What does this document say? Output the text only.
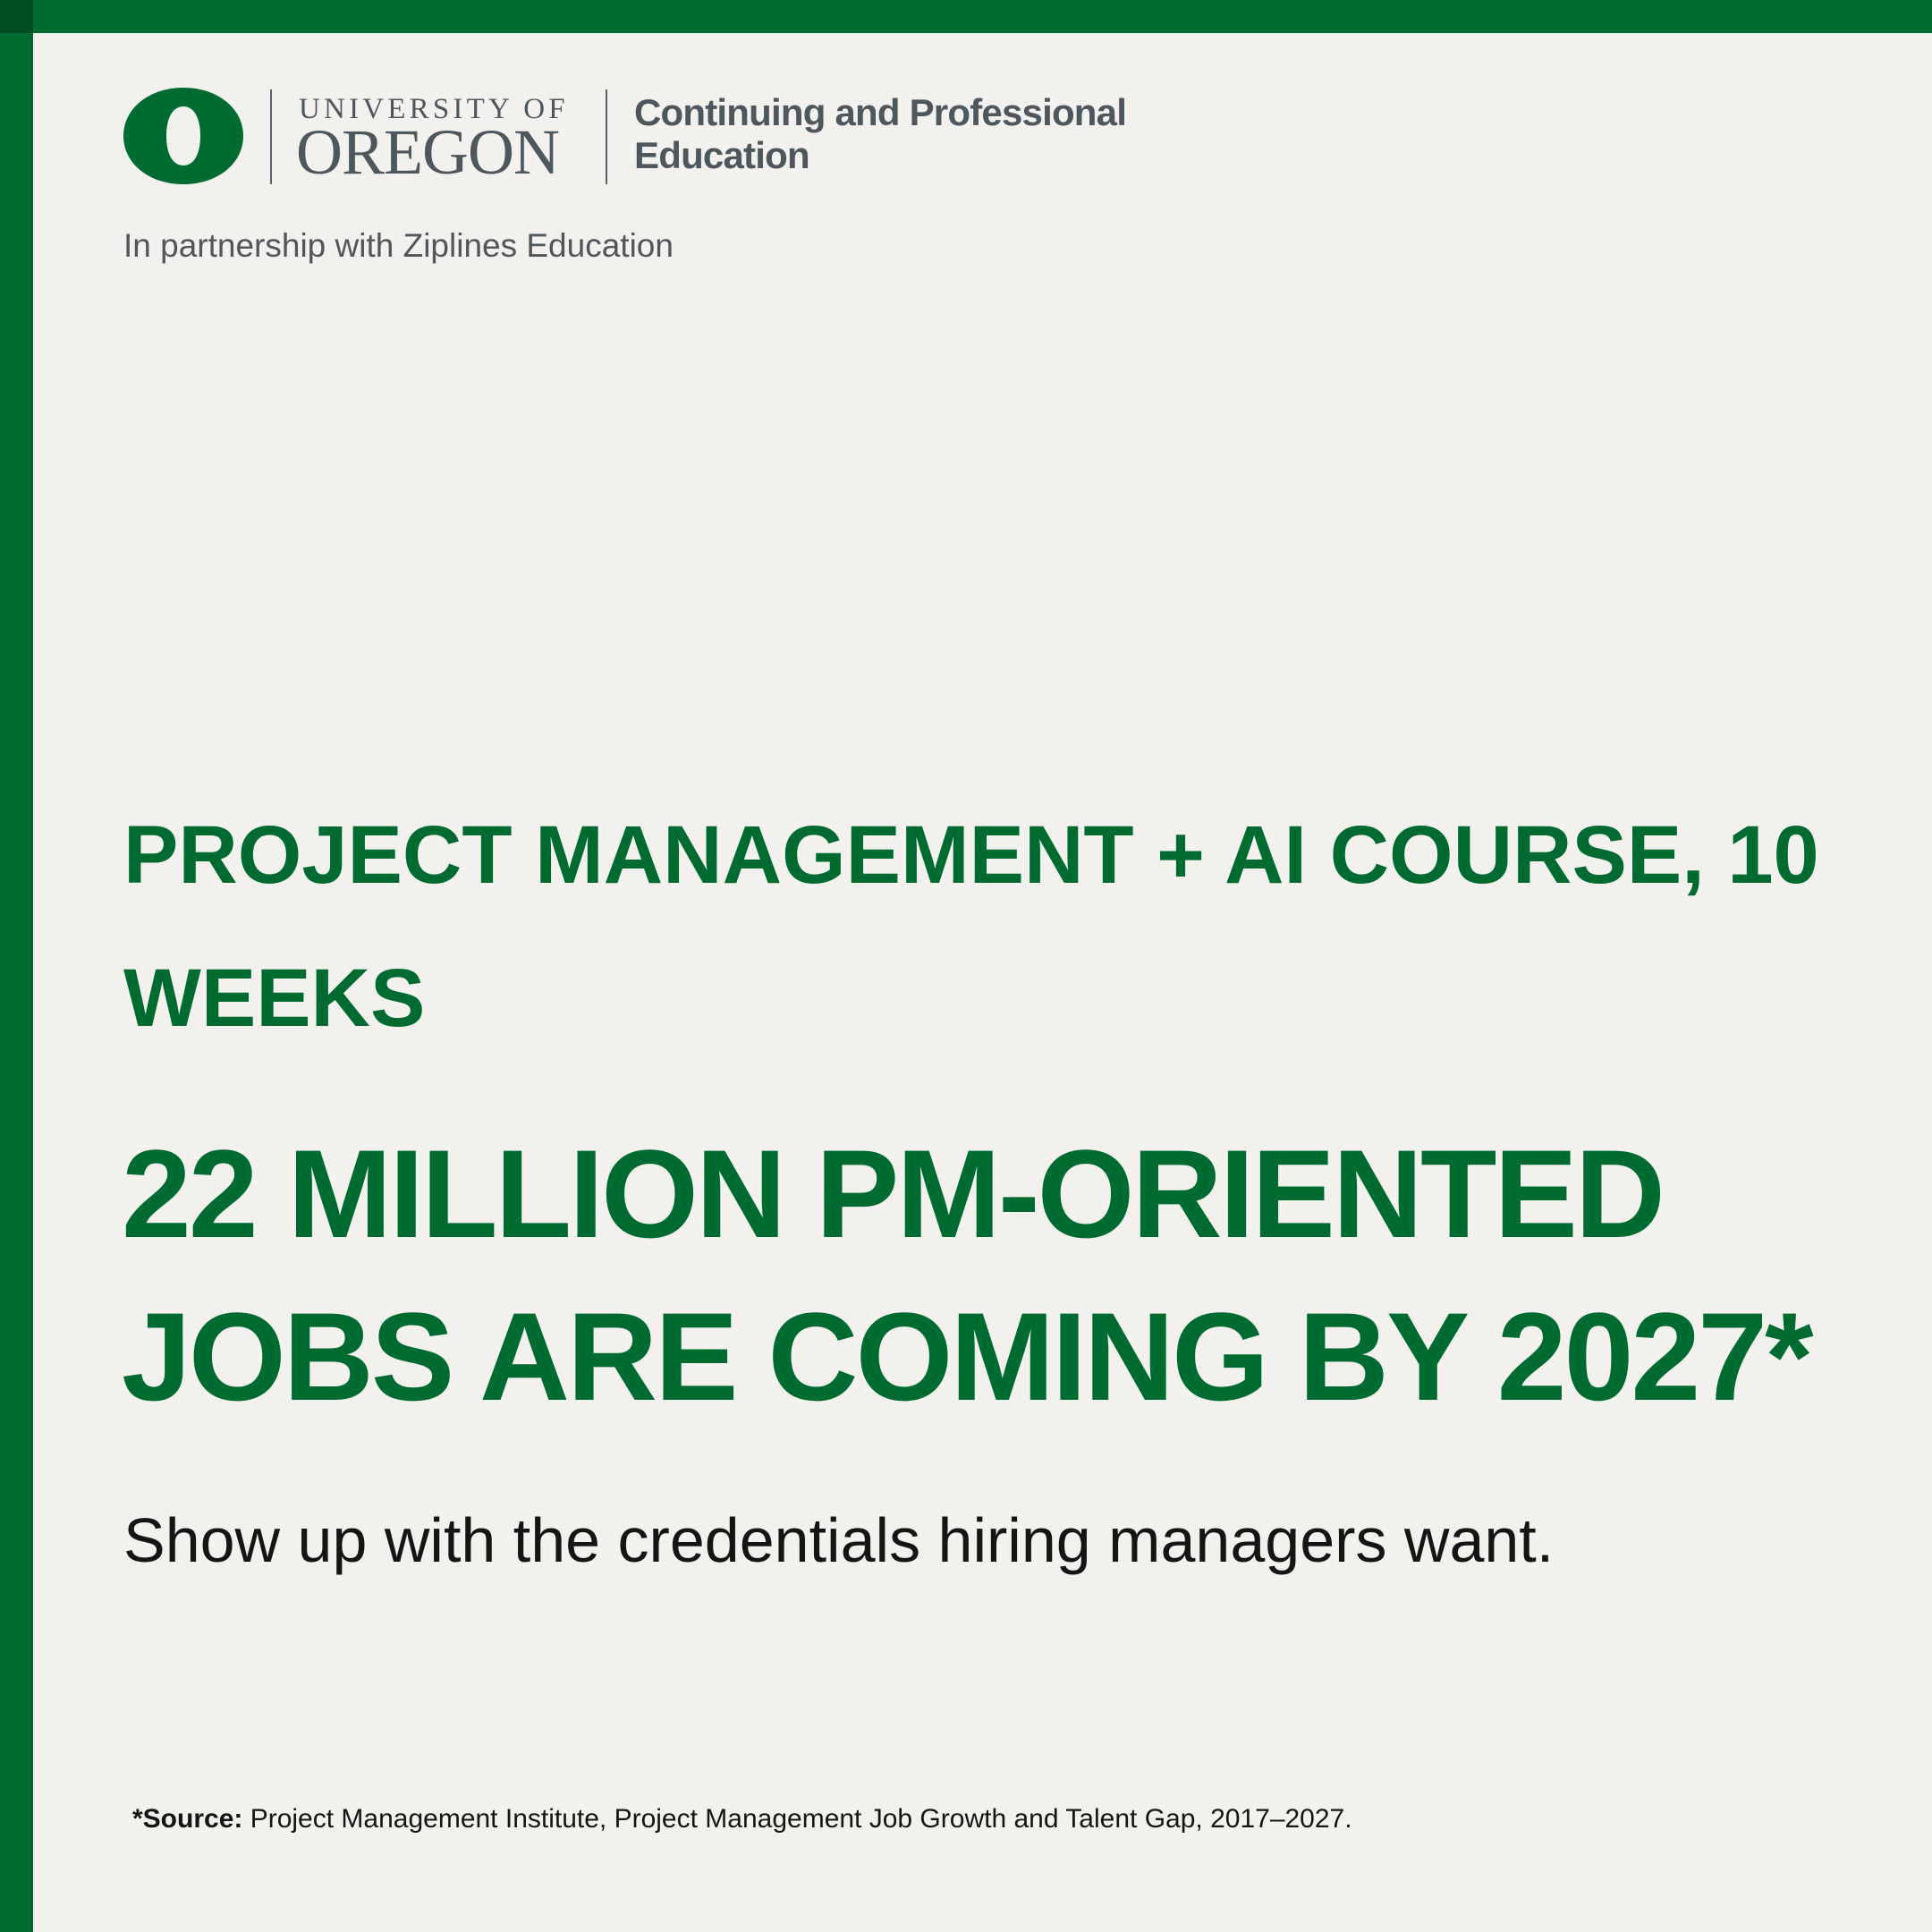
UNIVERSITY OF
OREGON
Continuing and Professional
Education
In partnership with Ziplines Education
PROJECT MANAGEMENT + AI COURSE, 10 WEEKS
22 MILLION PM-ORIENTED JOBS ARE COMING BY 2027*
Show up with the credentials hiring managers want.
*Source: Project Management Institute, Project Management Job Growth and Talent Gap, 2017–2027.
